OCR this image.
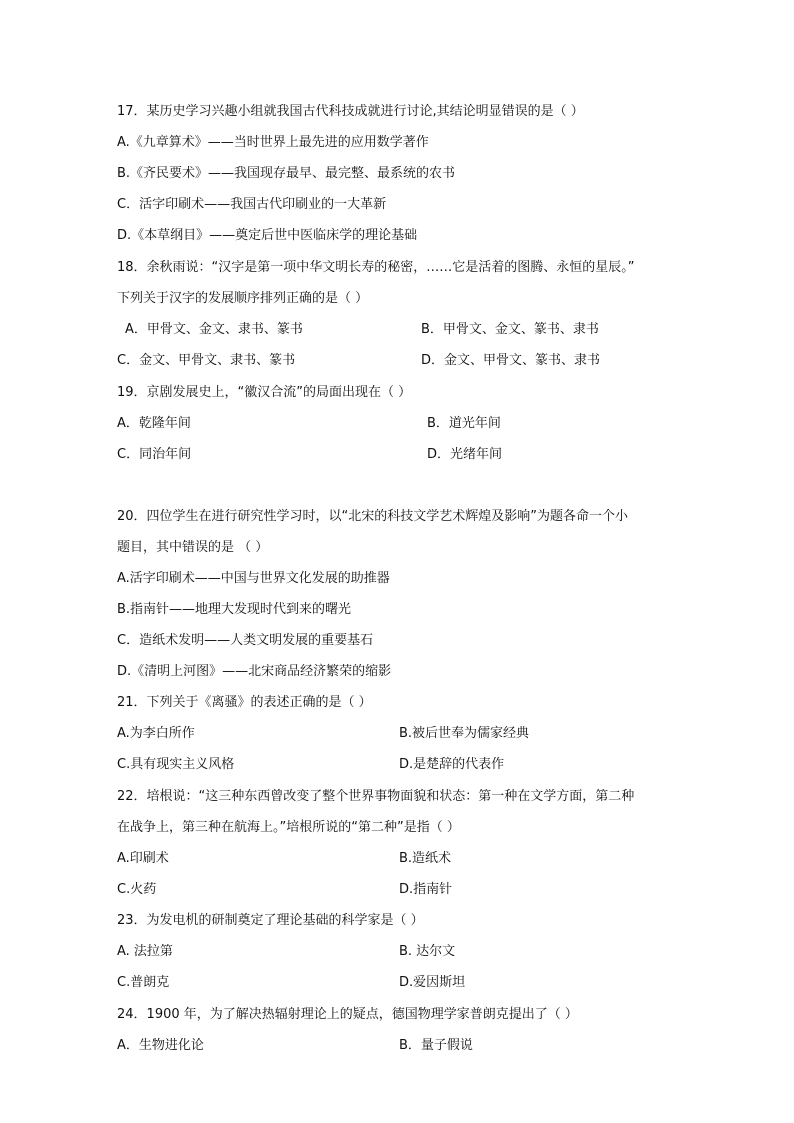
17．某历史学习兴趣小组就我国古代科技成就进行讨论,其结论明显错误的是（ ）
A.《九章算术》——当时世界上最先进的应用数学著作
B.《齐民要术》——我国现存最早、最完整、最系统的农书
C．活字印刷术——我国古代印刷业的一大革新
D.《本草纲目》——奠定后世中医临床学的理论基础
18．余秋雨说：“汉字是第一项中华文明长寿的秘密，……它是活着的图腾、永恒的星辰。”
下列关于汉字的发展顺序排列正确的是（ ）
A．甲骨文、金文、隶书、篆书	B．甲骨文、金文、篆书、隶书
C．金文、甲骨文、隶书、篆书	D．金文、甲骨文、篆书、隶书
19．京剧发展史上，“徽汉合流”的局面出现在（ ）
A．乾隆年间	B．道光年间
C．同治年间	D．光绪年间
20．四位学生在进行研究性学习时，以“北宋的科技文学艺术辉煌及影响”为题各命一个小
题目，其中错误的是 （ ）
A.活字印刷术——中国与世界文化发展的助推器
B.指南针——地理大发现时代到来的曙光
C．造纸术发明——人类文明发展的重要基石
D.《清明上河图》——北宋商品经济繁荣的缩影
21．下列关于《离骚》的表述正确的是（ ）
A.为李白所作	B.被后世奉为儒家经典
C.具有现实主义风格	D.是楚辞的代表作
22．培根说：“这三种东西曾改变了整个世界事物面貌和状态：第一种在文学方面，第二种
在战争上，第三种在航海上。”培根所说的“第二种”是指（ ）
A.印刷术	B.造纸术
C.火药	D.指南针
23．为发电机的研制奠定了理论基础的科学家是（ ）
A. 法拉第	B. 达尔文
C.普朗克	D.爱因斯坦
24．1900 年，为了解决热辐射理论上的疑点，德国物理学家普朗克提出了（ ）
A．生物进化论	B．量子假说
